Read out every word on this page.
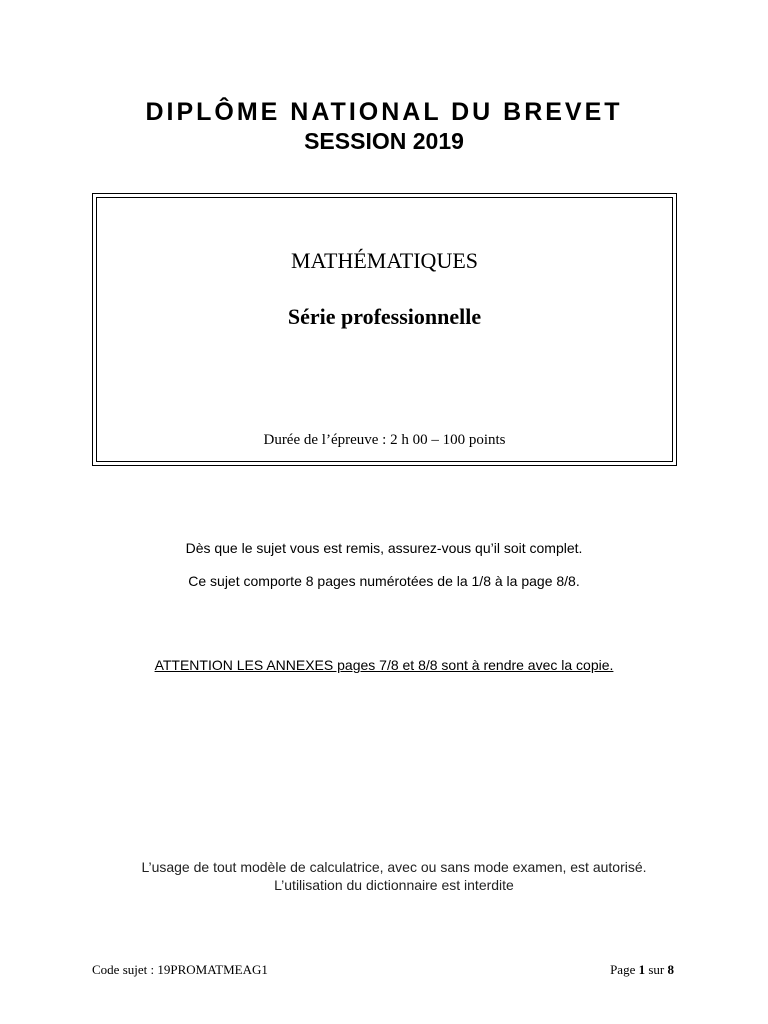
DIPLÔME NATIONAL DU BREVET
SESSION 2019
MATHÉMATIQUES
Série professionnelle
Durée de l’épreuve : 2 h 00 – 100 points
Dès que le sujet vous est remis, assurez-vous qu’il soit complet.
Ce sujet comporte 8 pages numérotées de la 1/8 à la page 8/8.
ATTENTION LES ANNEXES pages 7/8 et 8/8 sont à rendre avec la copie.
L’usage de tout modèle de calculatrice, avec ou sans mode examen, est autorisé.
L’utilisation du dictionnaire est interdite
Code sujet : 19PROMATMEAG1	Page 1 sur 8
